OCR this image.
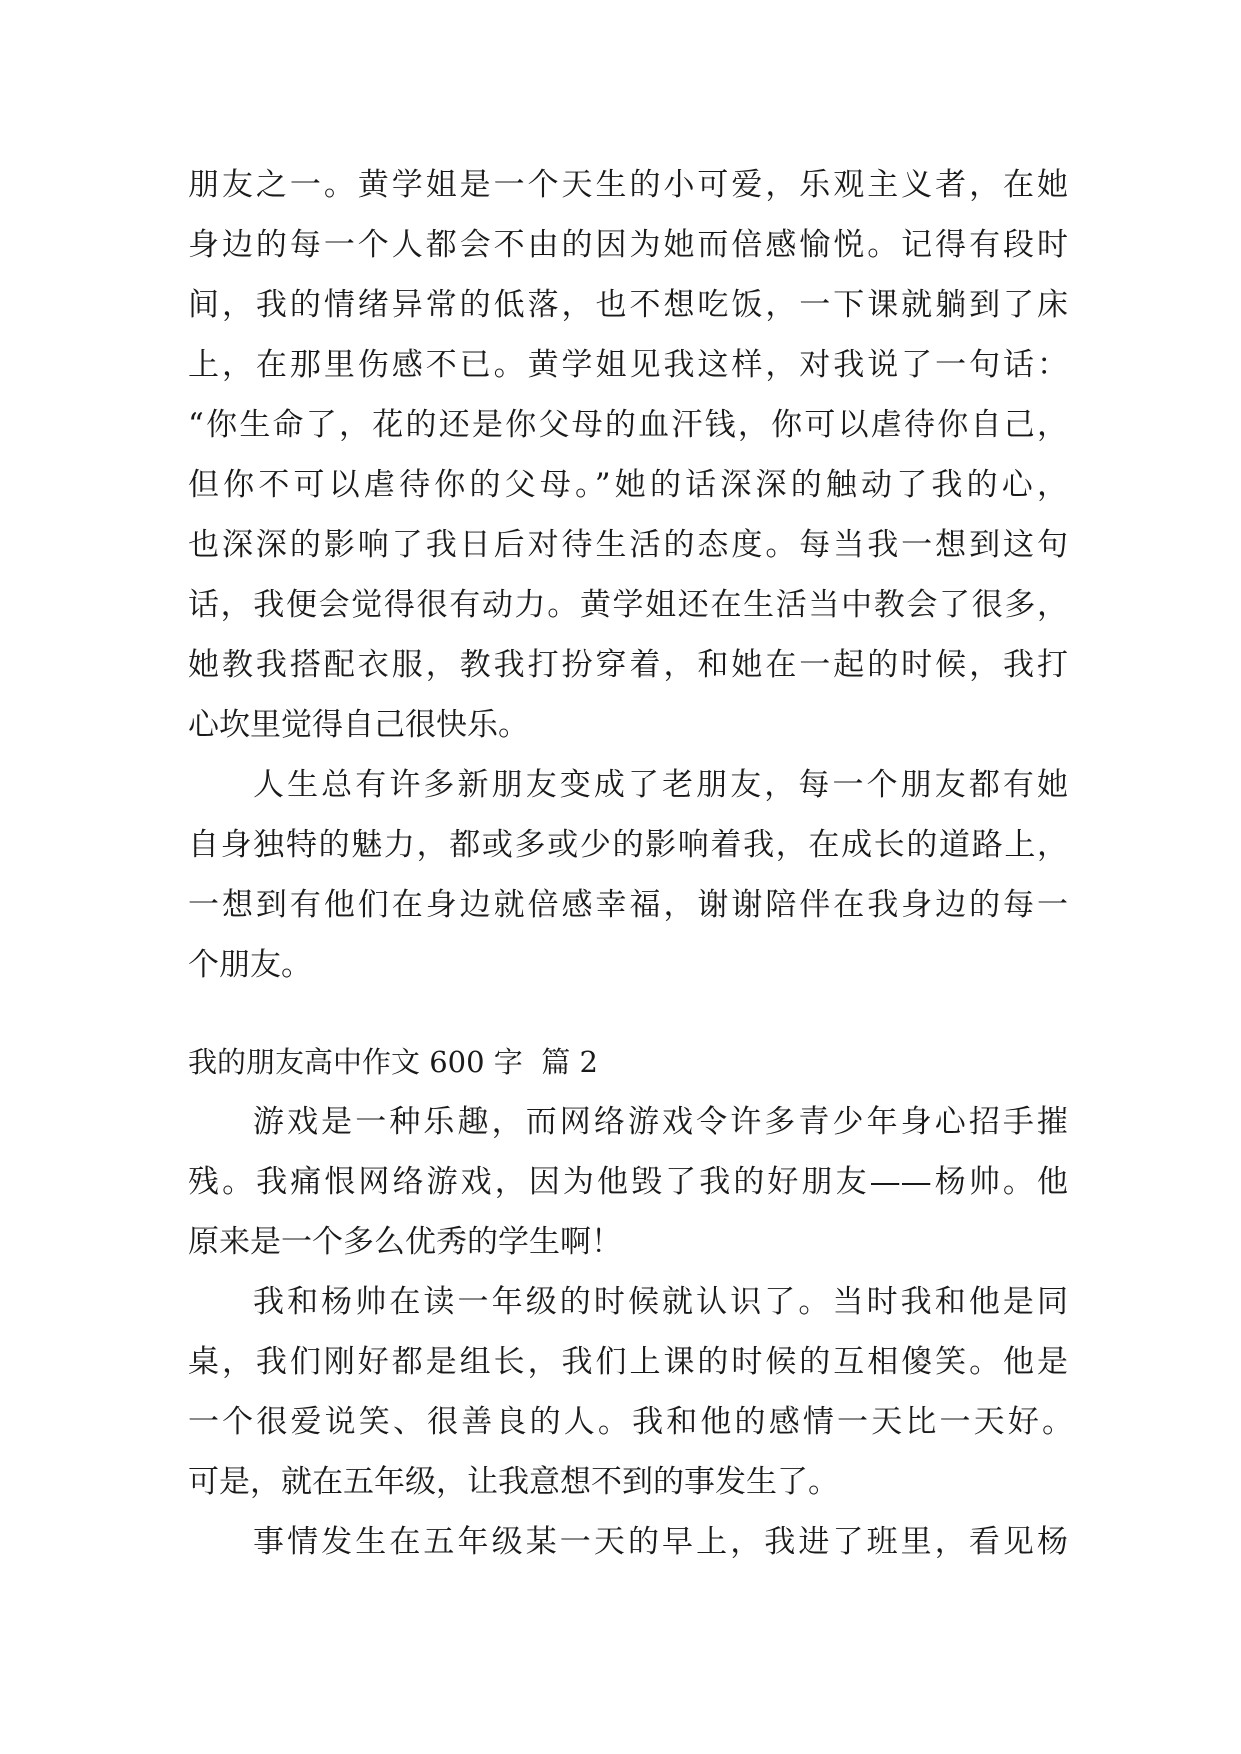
朋友之一。黄学姐是一个天生的小可爱，乐观主义者，在她
身边的每一个人都会不由的因为她而倍感愉悦。记得有段时
间，我的情绪异常的低落，也不想吃饭，一下课就躺到了床
上，在那里伤感不已。黄学姐见我这样，对我说了一句话：
“你生命了，花的还是你父母的血汗钱，你可以虐待你自己，
但你不可以虐待你的父母。”她的话深深的触动了我的心，
也深深的影响了我日后对待生活的态度。每当我一想到这句
话，我便会觉得很有动力。黄学姐还在生活当中教会了很多，
她教我搭配衣服，教我打扮穿着，和她在一起的时候，我打
心坎里觉得自己很快乐。
人生总有许多新朋友变成了老朋友，每一个朋友都有她
自身独特的魅力，都或多或少的影响着我，在成长的道路上，
一想到有他们在身边就倍感幸福，谢谢陪伴在我身边的每一
个朋友。
我的朋友高中作文 600 字  篇 2
游戏是一种乐趣，而网络游戏令许多青少年身心招手摧
残。我痛恨网络游戏，因为他毁了我的好朋友——杨帅。他
原来是一个多么优秀的学生啊！
我和杨帅在读一年级的时候就认识了。当时我和他是同
桌，我们刚好都是组长，我们上课的时候的互相傻笑。他是
一个很爱说笑、很善良的人。我和他的感情一天比一天好。
可是，就在五年级，让我意想不到的事发生了。
事情发生在五年级某一天的早上，我进了班里，看见杨
